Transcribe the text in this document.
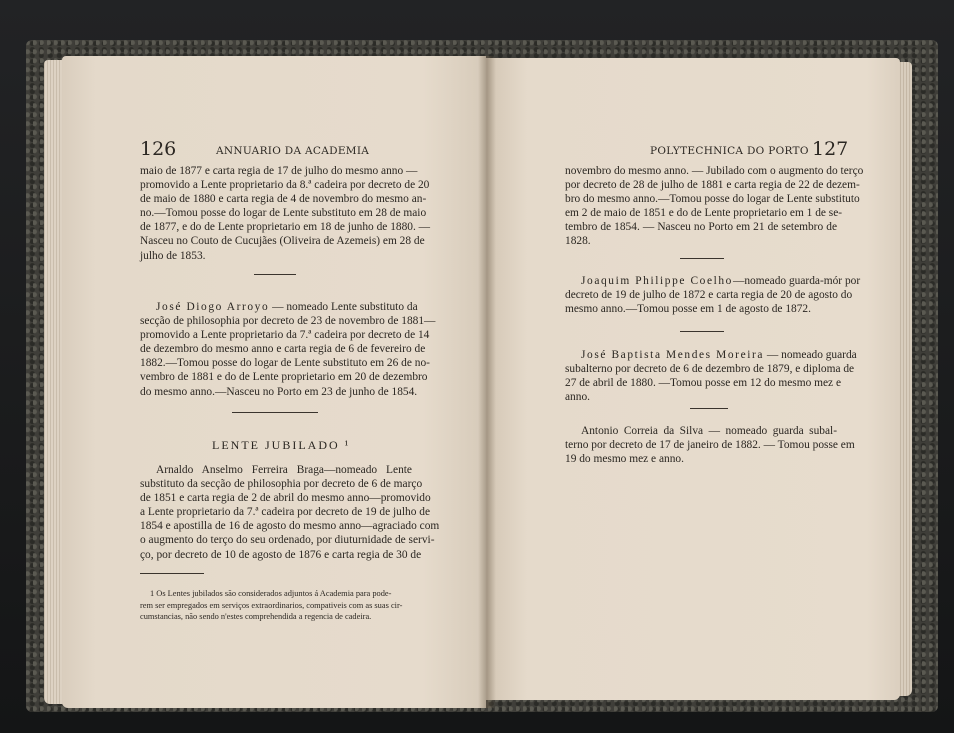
126	ANNUARIO DA ACADEMIA
maio de 1877 e carta regia de 17 de julho do mesmo anno —
promovido a Lente proprietario da 8.ª cadeira por decreto de 20
de maio de 1880 e carta regia de 4 de novembro do mesmo an-
no.—Tomou posse do logar de Lente substituto em 28 de maio
de 1877, e do de Lente proprietario em 18 de junho de 1880. —
Nasceu no Couto de Cucujães (Oliveira de Azemeis) em 28 de
julho de 1853.
José Diogo Arroyo — nomeado Lente substituto da
secção de philosophia por decreto de 23 de novembro de 1881—
promovido a Lente proprietario da 7.ª cadeira por decreto de 14
de dezembro do mesmo anno e carta regia de 6 de fevereiro de
1882.—Tomou posse do logar de Lente substituto em 26 de no-
vembro de 1881 e do de Lente proprietario em 20 de dezembro
do mesmo anno.—Nasceu no Porto em 23 de junho de 1854.
LENTE JUBILADO ¹
Arnaldo Anselmo Ferreira Braga—nomeado Lente
substituto da secção de philosophia por decreto de 6 de março
de 1851 e carta regia de 2 de abril do mesmo anno—promovido
a Lente proprietario da 7.ª cadeira por decreto de 19 de julho de
1854 e apostilla de 16 de agosto do mesmo anno—agraciado com
o augmento do terço do seu ordenado, por diuturnidade de servi-
ço, por decreto de 10 de agosto de 1876 e carta regia de 30 de
1 Os Lentes jubilados são considerados adjuntos á Academia para pode-
rem ser empregados em serviços extraordinarios, compativeis com as suas cir-
cumstancias, não sendo n'estes comprehendida a regencia de cadeira.
POLYTECHNICA DO PORTO 127
novembro do mesmo anno. — Jubilado com o augmento do terço
por decreto de 28 de julho de 1881 e carta regia de 22 de dezem-
bro do mesmo anno.—Tomou posse do logar de Lente substituto
em 2 de maio de 1851 e do de Lente proprietario em 1 de se-
tembro de 1854. — Nasceu no Porto em 21 de setembro de
1828.
Joaquim Philippe Coelho—nomeado guarda-mór por
decreto de 19 de julho de 1872 e carta regia de 20 de agosto do
mesmo anno.—Tomou posse em 1 de agosto de 1872.
José Baptista Mendes Moreira — nomeado guarda
subalterno por decreto de 6 de dezembro de 1879, e diploma de
27 de abril de 1880. —Tomou posse em 12 do mesmo mez e
anno.
Antonio Correia da Silva — nomeado guarda subal-
terno por decreto de 17 de janeiro de 1882. — Tomou posse em
19 do mesmo mez e anno.
